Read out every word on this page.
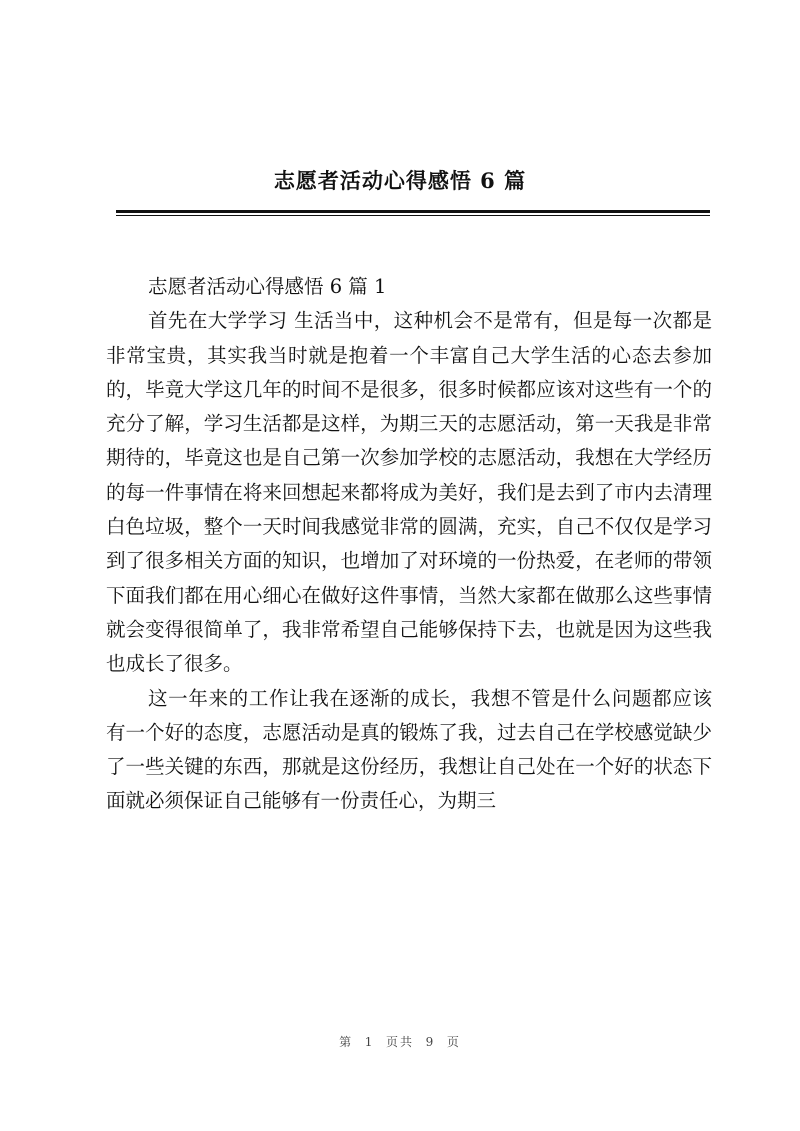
志愿者活动心得感悟 6 篇

志愿者活动心得感悟 6 篇 1

首先在大学学习 生活当中，这种机会不是常有，但是每一次都是非常宝贵，其实我当时就是抱着一个丰富自己大学生活的心态去参加的，毕竟大学这几年的时间不是很多，很多时候都应该对这些有一个的充分了解，学习生活都是这样，为期三天的志愿活动，第一天我是非常期待的，毕竟这也是自己第一次参加学校的志愿活动，我想在大学经历的每一件事情在将来回想起来都将成为美好，我们是去到了市内去清理白色垃圾，整个一天时间我感觉非常的圆满，充实，自己不仅仅是学习到了很多相关方面的知识，也增加了对环境的一份热爱，在老师的带领下面我们都在用心细心在做好这件事情，当然大家都在做那么这些事情就会变得很简单了，我非常希望自己能够保持下去，也就是因为这些我也成长了很多。

这一年来的工作让我在逐渐的成长，我想不管是什么问题都应该有一个好的态度，志愿活动是真的锻炼了我，过去自己在学校感觉缺少了一些关键的东西，那就是这份经历，我想让自己处在一个好的状态下面就必须保证自己能够有一份责任心，为期三

第  1  页共  9  页
